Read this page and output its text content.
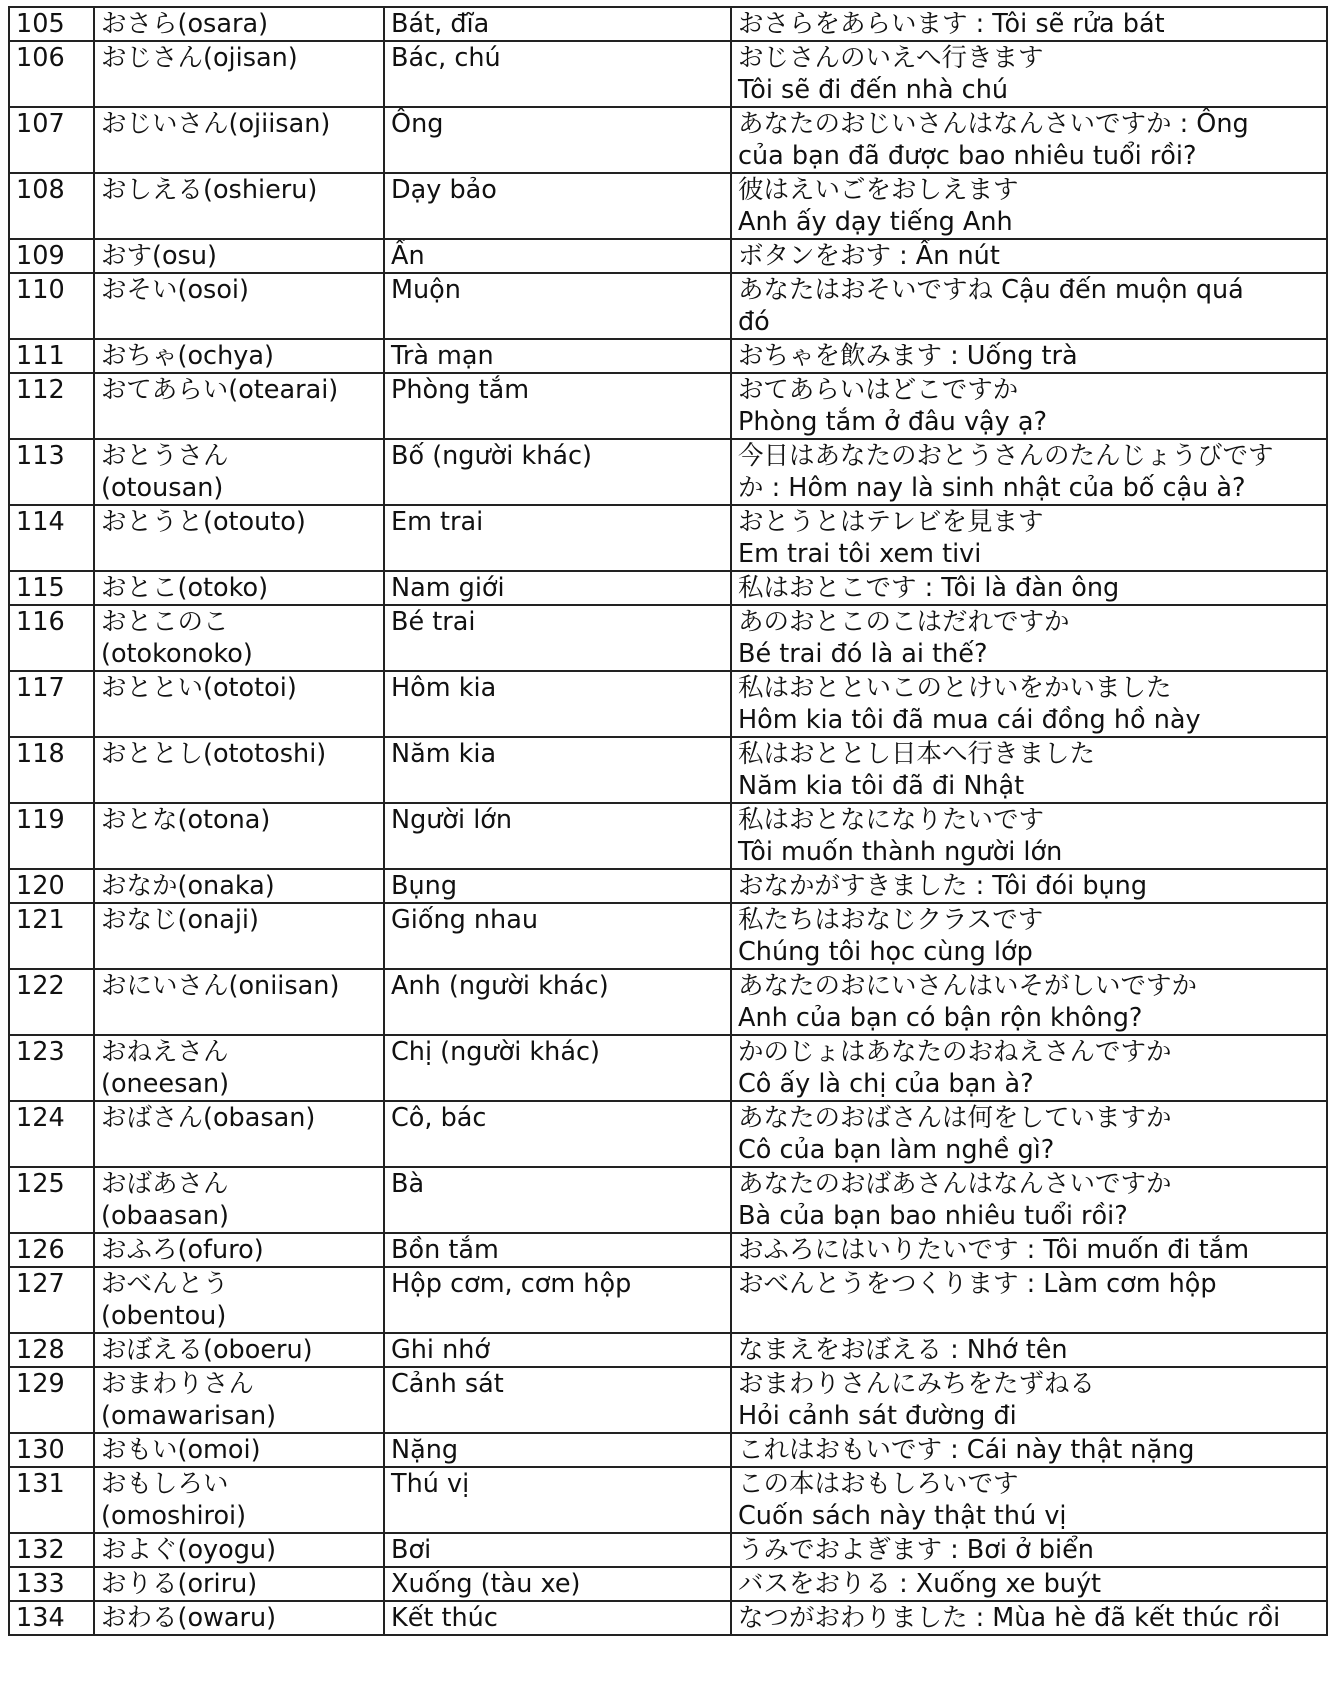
105	おさら(osara)	Bát, đĩa	おさらをあらいます : Tôi sẽ rửa bát

106	おじさん(ojisan)	Bác, chú	おじさんのいえへ行きます
Tôi sẽ đi đến nhà chú

107	おじいさん(ojiisan)	Ông	あなたのおじいさんはなんさいですか : Ông
của bạn đã được bao nhiêu tuổi rồi?

108	おしえる(oshieru)	Dạy bảo	彼はえいごをおしえます
Anh ấy dạy tiếng Anh

109	おす(osu)	Ấn	ボタンをおす : Ấn nút

110	おそい(osoi)	Muộn	あなたはおそいですね Cậu đến muộn quá
đó

111	おちゃ(ochya)	Trà mạn	おちゃを飲みます : Uống trà

112	おてあらい(otearai)	Phòng tắm	おてあらいはどこですか
Phòng tắm ở đâu vậy ạ?

113	おとうさん
(otousan)	Bố (người khác)	今日はあなたのおとうさんのたんじょうびです
か : Hôm nay là sinh nhật của bố cậu à?

114	おとうと(otouto)	Em trai	おとうとはテレビを見ます
Em trai tôi xem tivi

115	おとこ(otoko)	Nam giới	私はおとこです : Tôi là đàn ông

116	おとこのこ
(otokonoko)	Bé trai	あのおとこのこはだれですか
Bé trai đó là ai thế?

117	おととい(ototoi)	Hôm kia	私はおとといこのとけいをかいました
Hôm kia tôi đã mua cái đồng hồ này

118	おととし(ototoshi)	Năm kia	私はおととし日本へ行きました
Năm kia tôi đã đi Nhật

119	おとな(otona)	Người lớn	私はおとなになりたいです
Tôi muốn thành người lớn

120	おなか(onaka)	Bụng	おなかがすきました : Tôi đói bụng

121	おなじ(onaji)	Giống nhau	私たちはおなじクラスです
Chúng tôi học cùng lớp

122	おにいさん(oniisan)	Anh (người khác)	あなたのおにいさんはいそがしいですか
Anh của bạn có bận rộn không?

123	おねえさん
(oneesan)	Chị (người khác)	かのじょはあなたのおねえさんですか
Cô ấy là chị của bạn à?

124	おばさん(obasan)	Cô, bác	あなたのおばさんは何をしていますか
Cô của bạn làm nghề gì?

125	おばあさん
(obaasan)	Bà	あなたのおばあさんはなんさいですか
Bà của bạn bao nhiêu tuổi rồi?

126	おふろ(ofuro)	Bồn tắm	おふろにはいりたいです : Tôi muốn đi tắm

127	おべんとう
(obentou)	Hộp cơm, cơm hộp	おべんとうをつくります : Làm cơm hộp

128	おぼえる(oboeru)	Ghi nhớ	なまえをおぼえる : Nhớ tên

129	おまわりさん
(omawarisan)	Cảnh sát	おまわりさんにみちをたずねる
Hỏi cảnh sát đường đi

130	おもい(omoi)	Nặng	これはおもいです : Cái này thật nặng

131	おもしろい
(omoshiroi)	Thú vị	この本はおもしろいです
Cuốn sách này thật thú vị

132	およぐ(oyogu)	Bơi	うみでおよぎます : Bơi ở biển

133	おりる(oriru)	Xuống (tàu xe)	バスをおりる : Xuống xe buýt

134	おわる(owaru)	Kết thúc	なつがおわりました : Mùa hè đã kết thúc rồi
